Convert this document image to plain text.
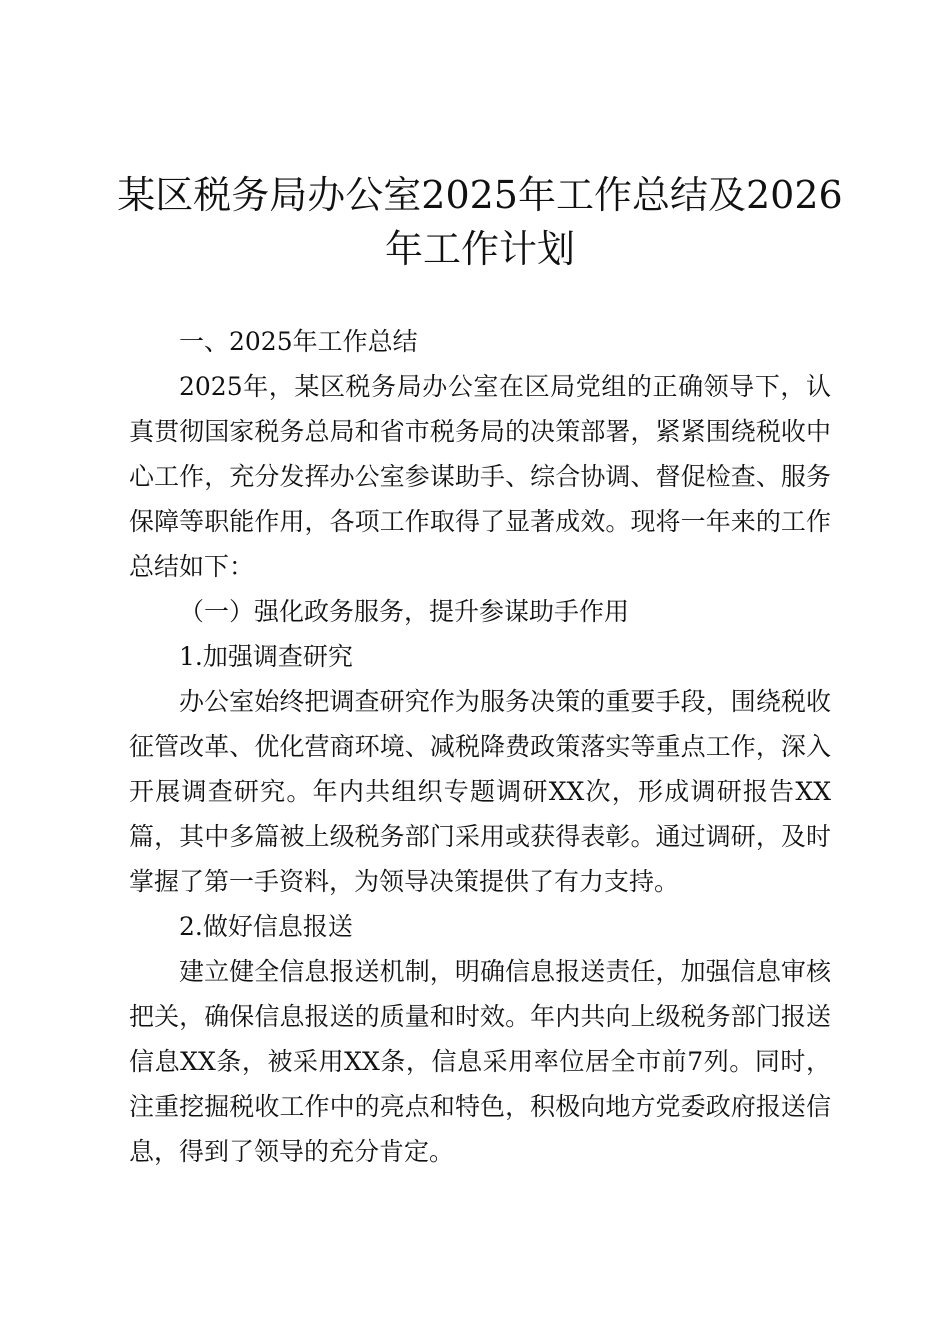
某区税务局办公室2025年工作总结及2026年工作计划

一、2025年工作总结

2025年，某区税务局办公室在区局党组的正确领导下，认真贯彻国家税务总局和省市税务局的决策部署，紧紧围绕税收中心工作，充分发挥办公室参谋助手、综合协调、督促检查、服务保障等职能作用，各项工作取得了显著成效。现将一年来的工作总结如下：

（一）强化政务服务，提升参谋助手作用

1.加强调查研究

办公室始终把调查研究作为服务决策的重要手段，围绕税收征管改革、优化营商环境、减税降费政策落实等重点工作，深入开展调查研究。年内共组织专题调研XX次，形成调研报告XX篇，其中多篇被上级税务部门采用或获得表彰。通过调研，及时掌握了第一手资料，为领导决策提供了有力支持。

2.做好信息报送

建立健全信息报送机制，明确信息报送责任，加强信息审核把关，确保信息报送的质量和时效。年内共向上级税务部门报送信息XX条，被采用XX条，信息采用率位居全市前7列。同时，注重挖掘税收工作中的亮点和特色，积极向地方党委政府报送信息，得到了领导的充分肯定。
